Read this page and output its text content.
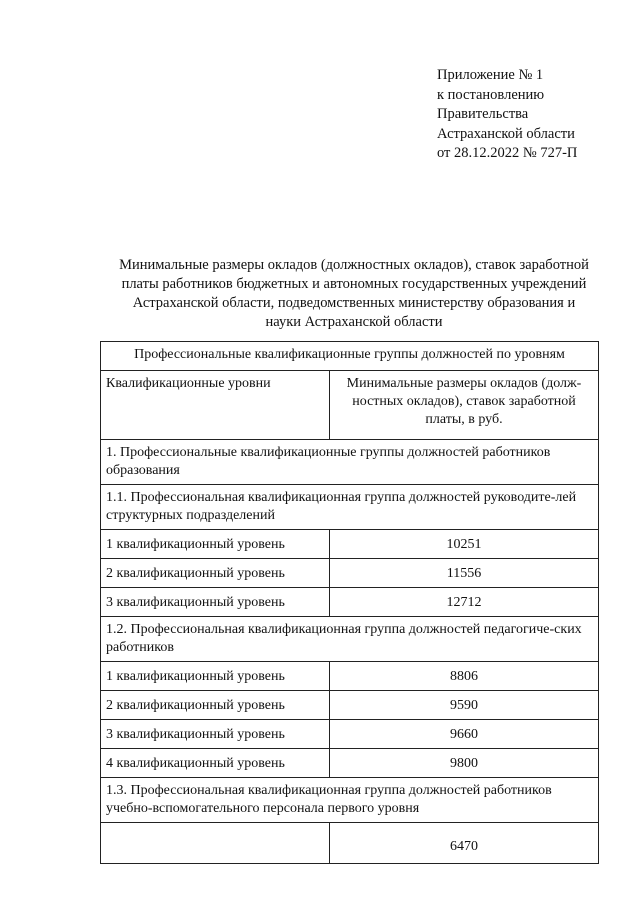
Приложение № 1
к постановлению
Правительства
Астраханской области
от 28.12.2022 № 727-П
Минимальные размеры окладов (должностных окладов), ставок заработной
платы работников бюджетных и автономных государственных учреждений
Астраханской области, подведомственных министерству образования и
науки Астраханской области
Профессиональные квалификационные группы должностей по уровням	
Квалификационные уровни	Минимальные размеры окладов (долж-ностных окладов), ставок заработной платы, в руб.
1. Профессиональные квалификационные группы должностей работников образования	
1.1. Профессиональная квалификационная группа должностей руководите-лей структурных подразделений	
1 квалификационный уровень	10251
2 квалификационный уровень	11556
3 квалификационный уровень	12712
1.2. Профессиональная квалификационная группа должностей педагогиче-ских работников	
1 квалификационный уровень	8806
2 квалификационный уровень	9590
3 квалификационный уровень	9660
4 квалификационный уровень	9800
1.3. Профессиональная квалификационная группа должностей работников учебно-вспомогательного персонала первого уровня	
	6470
